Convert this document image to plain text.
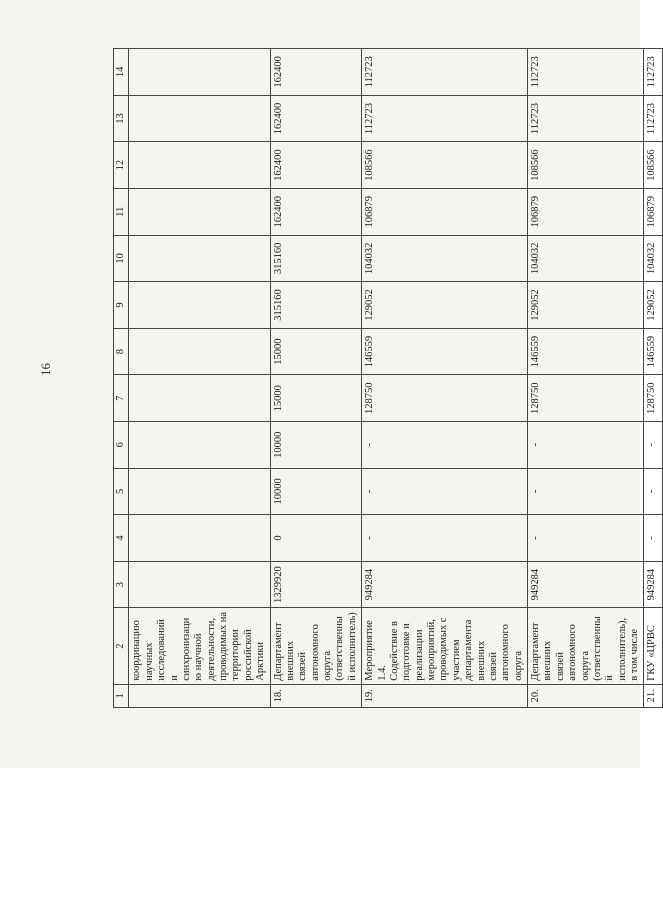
16
1	2	3	4	5	6	7	8	9	10	11	12	13	14
	координацию научных исследований и синхронизацию научной деятельности, проводимых на территории российской Арктики												
18.	Департамент внешних связей автономного округа (ответственный исполнитель)	1329920	0	10000	10000	15000	15000	315160	315160	162400	162400	162400	162400
19.	Мероприятие 1.4. Содействие в подготовке и реализации мероприятий, проводимых с участием департамента внешних связей автономного округа	949284	-	-	-	128750	146559	129052	104032	106879	108566	112723	112723
20.	Департамент внешних связей автономного округа (ответственный исполнитель), в том числе	949284	-	-	-	128750	146559	129052	104032	106879	108566	112723	112723
21.	ГКУ «ЦРВС	949284	-	-	-	128750	146559	129052	104032	106879	108566	112723	112723
